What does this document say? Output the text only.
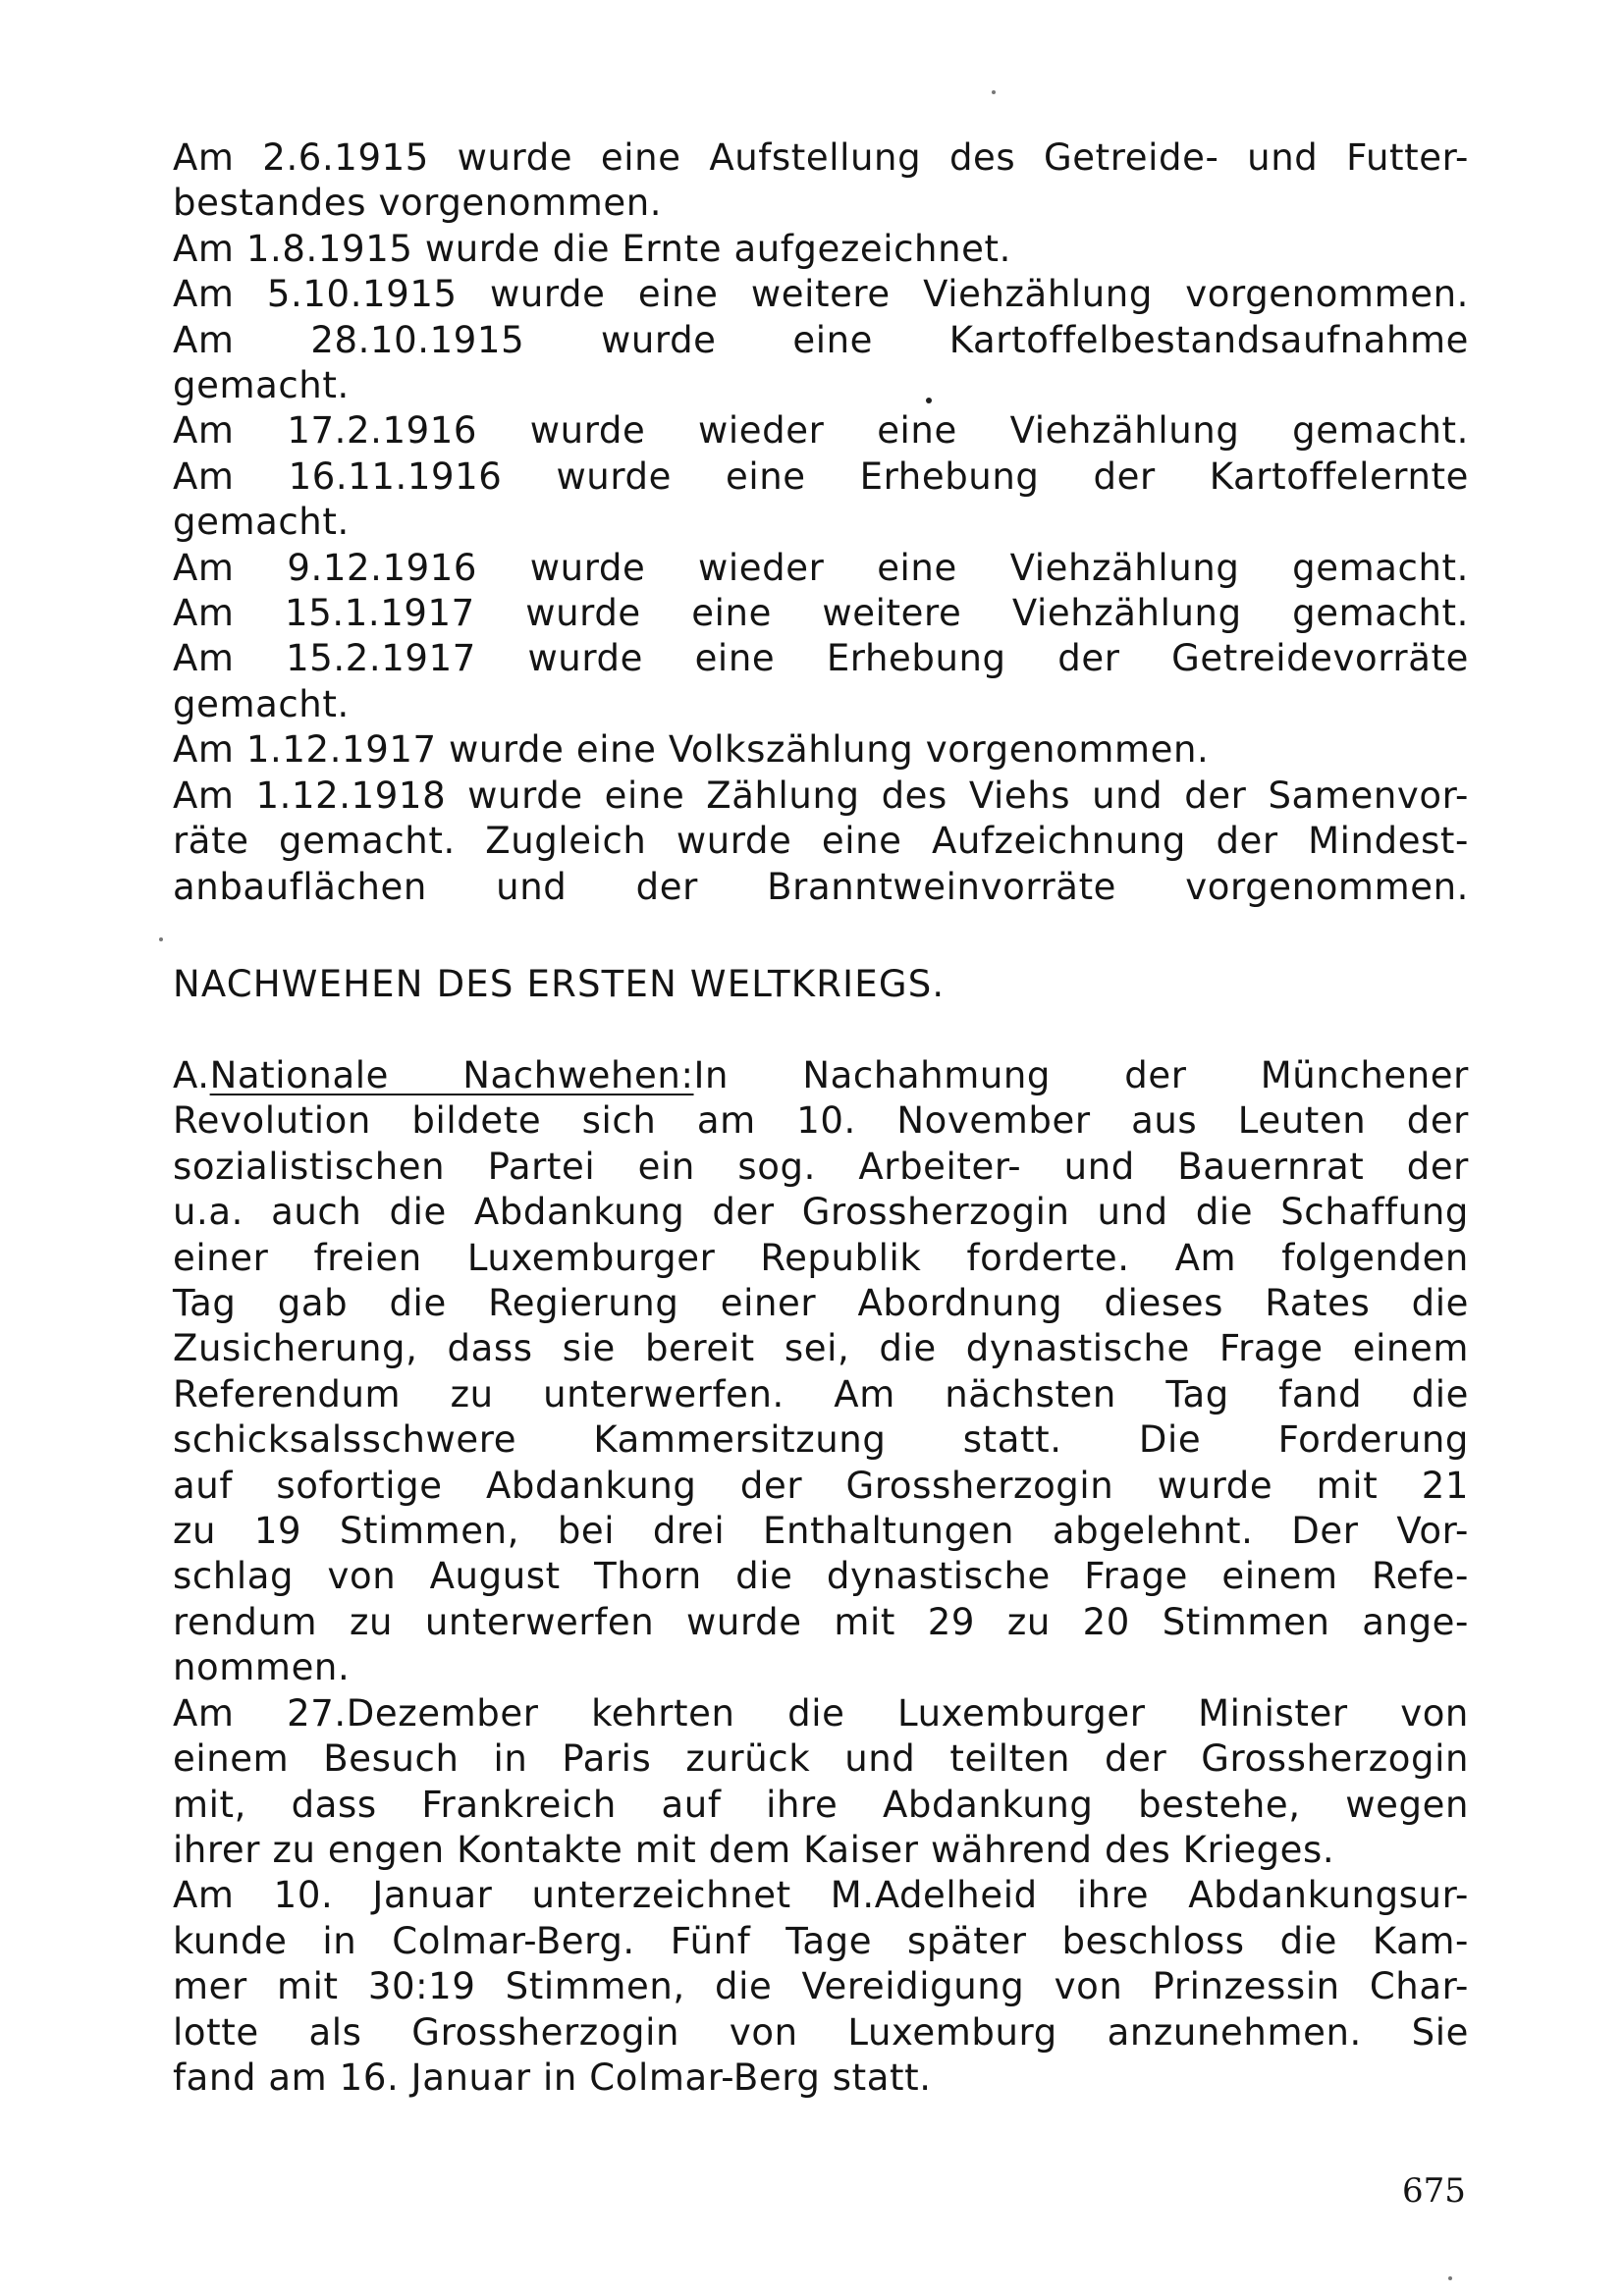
Am 2.6.1915 wurde eine Aufstellung des Getreide- und Futter-
bestandes vorgenommen.
Am 1.8.1915 wurde die Ernte aufgezeichnet.
Am 5.10.1915 wurde eine weitere Viehzählung vorgenommen.
Am 28.10.1915 wurde eine Kartoffelbestandsaufnahme
gemacht.
Am 17.2.1916 wurde wieder eine Viehzählung gemacht.
Am 16.11.1916 wurde eine Erhebung der Kartoffelernte
gemacht.
Am 9.12.1916 wurde wieder eine Viehzählung gemacht.
Am 15.1.1917 wurde eine weitere Viehzählung gemacht.
Am 15.2.1917 wurde eine Erhebung der Getreidevorräte
gemacht.
Am 1.12.1917 wurde eine Volkszählung vorgenommen.
Am 1.12.1918 wurde eine Zählung des Viehs und der Samenvor-
räte gemacht. Zugleich wurde eine Aufzeichnung der Mindest-
anbauflächen und der Branntweinvorräte vorgenommen.
NACHWEHEN DES ERSTEN WELTKRIEGS.
A.Nationale Nachwehen:In Nachahmung der Münchener
Revolution bildete sich am 10. November aus Leuten der
sozialistischen Partei ein sog. Arbeiter- und Bauernrat der
u.a. auch die Abdankung der Grossherzogin und die Schaffung
einer freien Luxemburger Republik forderte. Am folgenden
Tag gab die Regierung einer Abordnung dieses Rates die
Zusicherung, dass sie bereit sei, die dynastische Frage einem
Referendum zu unterwerfen. Am nächsten Tag fand die
schicksalsschwere Kammersitzung statt. Die Forderung
auf sofortige Abdankung der Grossherzogin wurde mit 21
zu 19 Stimmen, bei drei Enthaltungen abgelehnt. Der Vor-
schlag von August Thorn die dynastische Frage einem Refe-
rendum zu unterwerfen wurde mit 29 zu 20 Stimmen ange-
nommen.
Am 27.Dezember kehrten die Luxemburger Minister von
einem Besuch in Paris zurück und teilten der Grossherzogin
mit, dass Frankreich auf ihre Abdankung bestehe, wegen
ihrer zu engen Kontakte mit dem Kaiser während des Krieges.
Am 10. Januar unterzeichnet M.Adelheid ihre Abdankungsur-
kunde in Colmar-Berg. Fünf Tage später beschloss die Kam-
mer mit 30:19 Stimmen, die Vereidigung von Prinzessin Char-
lotte als Grossherzogin von Luxemburg anzunehmen. Sie
fand am 16. Januar in Colmar-Berg statt.
675
